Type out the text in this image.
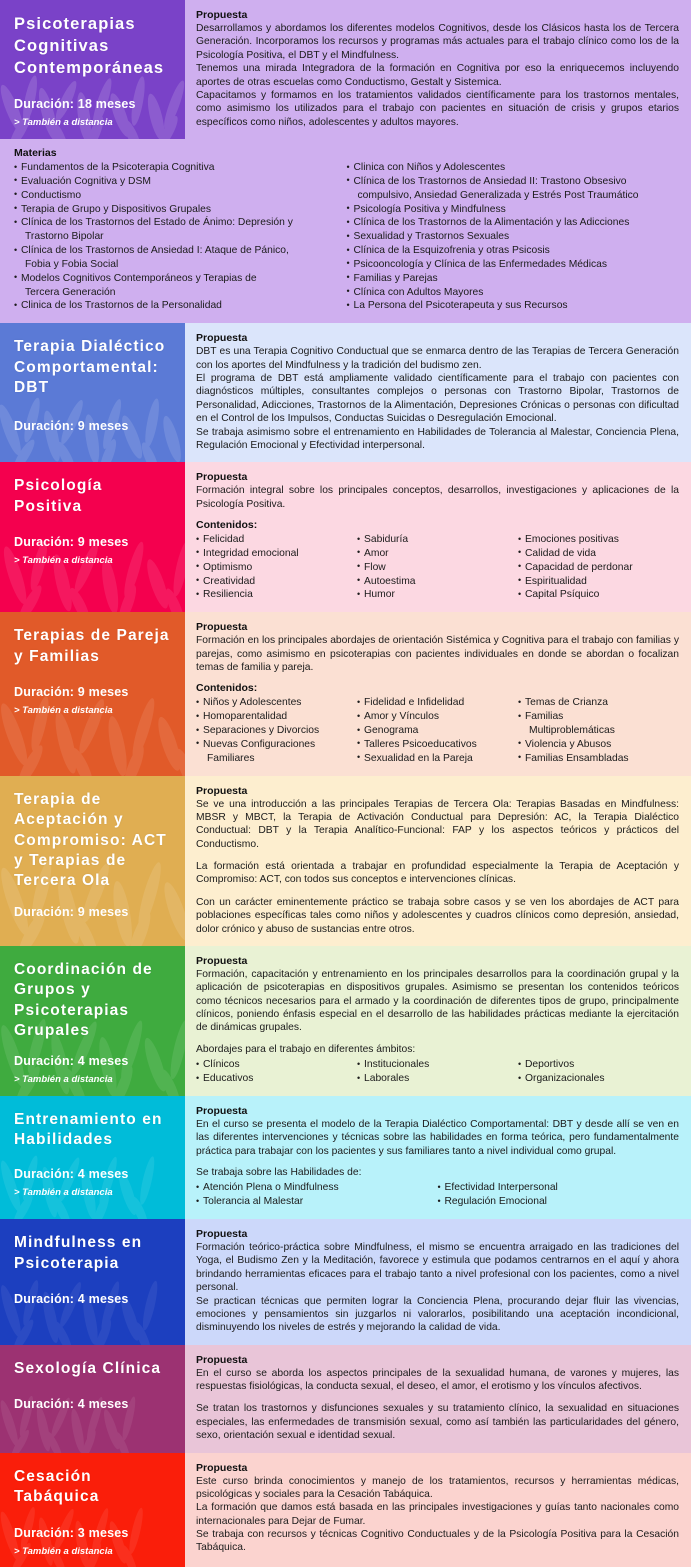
Psicoterapias Cognitivas Contemporáneas
Duración: 18 meses
> También a distancia
Propuesta

Desarrollamos y abordamos los diferentes modelos Cognitivos, desde los Clásicos hasta los de Tercera Generación. Incorporamos los recursos y programas más actuales para el trabajo clínico como los de la Psicología Positiva, el DBT y el Mindfulness.

Tenemos una mirada Integradora de la formación en Cognitiva por eso la enriquecemos incluyendo aportes de otras escuelas como Conductismo, Gestalt y Sistemica.

Capacitamos y formamos en los tratamientos validados científicamente para los trastornos mentales, como asimismo los utilizados para el trabajo con pacientes en situación de crisis y grupos etarios específicos como niños, adolescentes y adultos mayores.

Materias
• Fundamentos de la Psicoterapia Cognitiva
• Evaluación Cognitiva y DSM
• Conductismo
• Terapia de Grupo y Dispositivos Grupales
• Clínica de los Trastornos del Estado de Ánimo: Depresión y
Trastorno Bipolar
• Clínica de los Trastornos de Ansiedad I: Ataque de Pánico,
Fobia y Fobia Social
• Modelos Cognitivos Contemporáneos y Terapias de
Tercera Generación
• Clinica de los Trastornos de la Personalidad
• Clinica con Niños y Adolescentes
• Clínica de los Trastornos de Ansiedad II: Trastono Obsesivo
compulsivo, Ansiedad Generalizada y Estrés Post Traumático
• Psicología Positiva y Mindfulness
• Clínica de los Trastornos de la Alimentación y las Adicciones
• Sexualidad y Trastornos Sexuales
• Clínica de la Esquizofrenia y otras Psicosis
• Psicooncología y Clínica de las Enfermedades Médicas
• Familias y Parejas
• Clínica con Adultos Mayores
• La Persona del Psicoterapeuta y sus Recursos
Terapia Dialéctico Comportamental: DBT
Duración: 9 meses
Propuesta

DBT es una Terapia Cognitivo Conductual que se enmarca dentro de las Terapias de Tercera Generación con los aportes del Mindfulness y la tradición del budismo zen.

El programa de DBT está ampliamente validado científicamente para el trabajo con pacientes con diagnósticos múltiples, consultantes complejos o personas con Trastorno Bipolar, Trastornos de Personalidad, Adicciones, Trastornos de la Alimentación, Depresiones Crónicas o personas con dificultad en el Control de los Impulsos, Conductas Suicidas o Desregulación Emocional.

Se trabaja asimismo sobre el entrenamiento en Habilidades de Tolerancia al Malestar, Conciencia Plena, Regulación Emocional y Efectividad interpersonal.

Psicología Positiva
Duración: 9 meses
> También a distancia
Propuesta

Formación integral sobre los principales conceptos, desarrollos, investigaciones y aplicaciones de la Psicología Positiva.

Contenidos:
• Felicidad
• Integridad emocional
• Optimismo
• Creatividad
• Resiliencia
• Sabiduría
• Amor
• Flow
• Autoestima
• Humor
• Emociones positivas
• Calidad de vida
• Capacidad de perdonar
• Espiritualidad
• Capital Psíquico
Terapias de Pareja y Familias
Duración: 9 meses
> También a distancia
Propuesta

Formación en los principales abordajes de orientación Sistémica y Cognitiva para el trabajo con familias y parejas, como asimismo en psicoterapias con pacientes individuales en donde se abordan o focalizan temas de familia y pareja.

Contenidos:
• Niños y Adolescentes
• Homoparentalidad
• Separaciones y Divorcios
• Nuevas Configuraciones
Familiares
• Fidelidad e Infidelidad
• Amor y Vínculos
• Genograma
• Talleres Psicoeducativos
• Sexualidad en la Pareja
• Temas de Crianza
• Familias
Multiproblemáticas
• Violencia y Abusos
• Familias Ensambladas
Terapia de Aceptación y Compromiso: ACT y Terapias de Tercera Ola
Duración: 9 meses
Propuesta

Se ve una introducción a las principales Terapias de Tercera Ola: Terapias Basadas en Mindfulness: MBSR y MBCT, la Terapia de Activación Conductual para Depresión: AC, la Terapia Dialéctico Conductual: DBT y la Terapia Analítico-Funcional: FAP y los aspectos teóricos y prácticos del Conductismo.

La formación está orientada a trabajar en profundidad especialmente la Terapia de Aceptación y Compromiso: ACT, con todos sus conceptos e intervenciones clínicas.

Con un carácter eminentemente práctico se trabaja sobre casos y se ven los abordajes de ACT para poblaciones específicas tales como niños y adolescentes y cuadros clínicos como depresión, ansiedad, dolor crónico y abuso de sustancias entre otros.

Coordinación de Grupos y Psicoterapias Grupales
Duración: 4 meses
> También a distancia
Propuesta

Formación, capacitación y entrenamiento en los principales desarrollos para la coordinación grupal y la aplicación de psicoterapias en dispositivos grupales. Asimismo se presentan los contenidos teóricos como técnicos necesarios para el armado y la coordinación de diferentes tipos de grupo, principalmente clínicos, poniendo énfasis especial en el desarrollo de las habilidades prácticas mediante la ejercitación de dinámicas grupales.

Abordajes para el trabajo en diferentes ámbitos:
• Clínicos
• Educativos
• Institucionales
• Laborales
• Deportivos
• Organizacionales
Entrenamiento en Habilidades
Duración: 4 meses
> También a distancia
Propuesta

En el curso se presenta el modelo de la Terapia Dialéctico Comportamental: DBT y desde allí se ven en las diferentes intervenciones y técnicas sobre las habilidades en forma teórica, pero fundamentalmente práctica para trabajar con los pacientes y sus familiares tanto a nivel individual como grupal.

Se trabaja sobre las Habilidades de:
• Atención Plena o Mindfulness
• Tolerancia al Malestar
• Efectividad Interpersonal
• Regulación Emocional
Mindfulness en Psicoterapia
Duración: 4 meses
Propuesta

Formación teórico-práctica sobre Mindfulness, el mismo se encuentra arraigado en las tradiciones del Yoga, el Budismo Zen y la Meditación, favorece y estimula que podamos centrarnos en el aquí y ahora brindando herramientas eficaces para el trabajo tanto a nivel profesional con los pacientes, como a nivel personal.

Se practican técnicas que permiten lograr la Conciencia Plena, procurando dejar fluir las vivencias, emociones y pensamientos sin juzgarlos ni valorarlos, posibilitando una aceptación incondicional, disminuyendo los niveles de estrés y mejorando la calidad de vida.

Sexología Clínica
Duración: 4 meses
Propuesta

En el curso se aborda los aspectos principales de la sexualidad humana, de varones y mujeres, las respuestas fisiológicas, la conducta sexual, el deseo, el amor, el erotismo y los vínculos afectivos.

Se tratan los trastornos y disfunciones sexuales y su tratamiento clínico, la sexualidad en situaciones especiales, las enfermedades de transmisión sexual, como así también las particularidades del género, sexo, orientación sexual e identidad sexual.

Cesación Tabáquica
Duración: 3 meses
> También a distancia
Propuesta

Este curso brinda conocimientos y manejo de los tratamientos, recursos y herramientas médicas, psicológicas y sociales para la Cesación Tabáquica.

La formación que damos está basada en las principales investigaciones y guías tanto nacionales como internacionales para Dejar de Fumar.

Se trabaja con recursos y técnicas Cognitivo Conductuales y de la Psicología Positiva para la Cesación Tabáquica.
